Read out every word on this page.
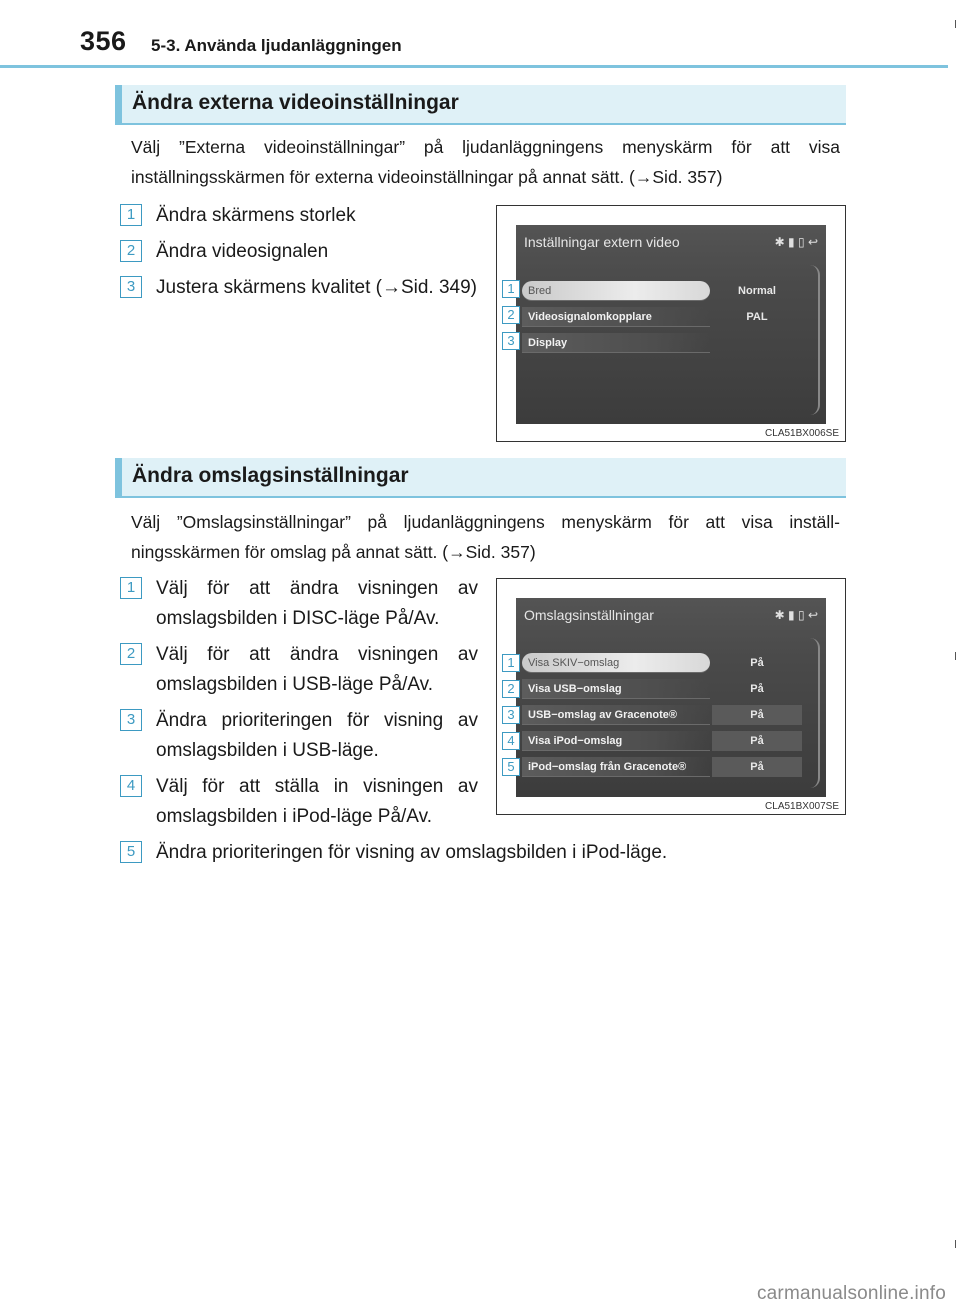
356 5-3. Använda ljudanläggningen
Ändra externa videoinställningar
Välj ”Externa videoinställningar” på ljudanläggningens menyskärm för att visa inställningsskärmen för externa videoinställningar på annat sätt. (→Sid. 357)
1	Ändra skärmens storlek
2	Ändra videosignalen
3	Justera skärmens kvalitet (→Sid. 349)
Inställningar extern video	✱ ▮ ▯ ↩
Bred	Normal
Videosignalomkopplare	PAL
Display
1
2
3
CLA51BX006SE
Ändra omslagsinställningar
Välj ”Omslagsinställningar” på ljudanläggningens menyskärm för att visa inställ-ningsskärmen för omslag på annat sätt. (→Sid. 357)
1	Välj för att ändra visningen av
omslagsbilden i DISC-läge På/Av.
2	Välj för att ändra visningen av
omslagsbilden i USB-läge På/Av.
3	Ändra prioriteringen för visning av
omslagsbilden i USB-läge.
4	Välj för att ställa in visningen av
omslagsbilden i iPod-läge På/Av.
5	Ändra prioriteringen för visning av omslagsbilden i iPod-läge.
Omslagsinställningar	✱ ▮ ▯ ↩
Visa SKIV−omslag	På
Visa USB−omslag	På
USB−omslag av Gracenote®	På
Visa iPod−omslag	På
iPod−omslag från Gracenote®	På
1
2
3
4
5
CLA51BX007SE
carmanualsonline.info
